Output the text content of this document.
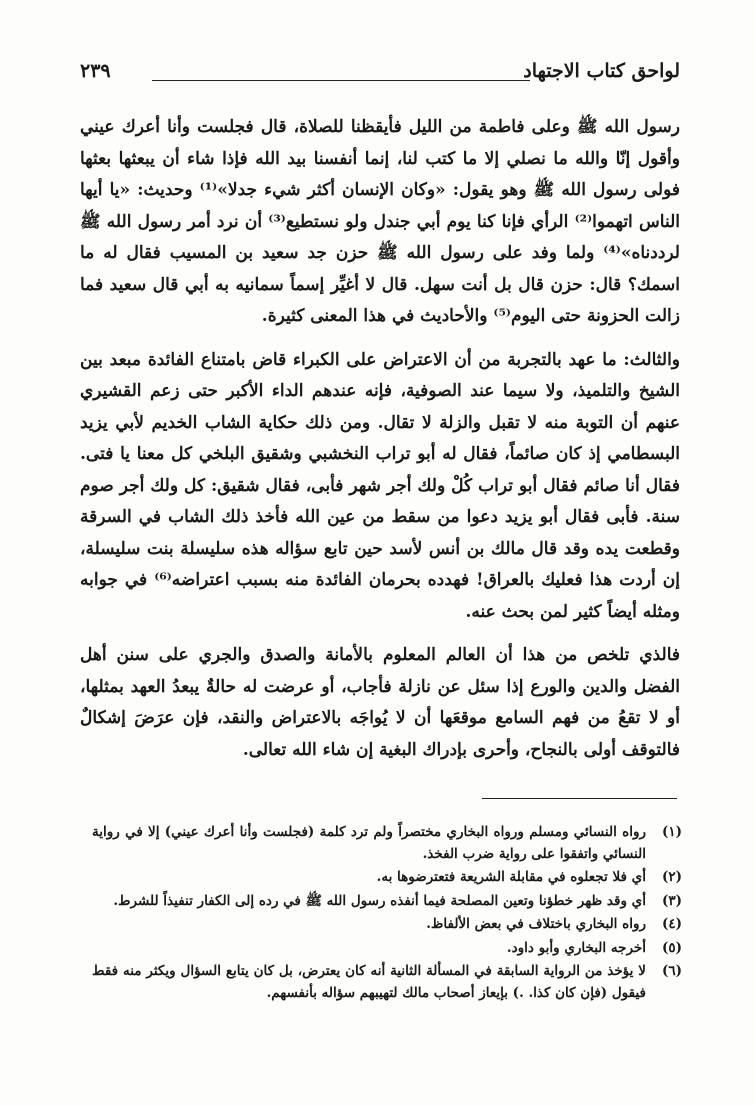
لواحق كتاب الاجتهاد
٢٣٩

رسول الله ﷺ وعلى فاطمة من الليل فأيقظنا للصلاة، قال فجلست وأنا أعرك عيني وأقول إنّا والله ما نصلي إلا ما كتب لنا، إنما أنفسنا بيد الله فإذا شاء أن يبعثها بعثها فولى رسول الله ﷺ وهو يقول: «وكان الإنسان أكثر شيء جدلا»⁽¹⁾ وحديث: «يا أيها الناس اتهموا⁽²⁾ الرأي فإنا كنا يوم أبي جندل ولو نستطيع⁽³⁾ أن نرد أمر رسول الله ﷺ لرددناه»⁽⁴⁾ ولما وفد على رسول الله ﷺ حزن جد سعيد بن المسيب فقال له ما اسمك؟ قال: حزن قال بل أنت سهل. قال لا أغيِّر إسماً سمانيه به أبي قال سعيد فما زالت الحزونة حتى اليوم⁽⁵⁾ والأحاديث في هذا المعنى كثيرة.

والثالث: ما عهد بالتجربة من أن الاعتراض على الكبراء قاض بامتناع الفائدة مبعد بين الشيخ والتلميذ، ولا سيما عند الصوفية، فإنه عندهم الداء الأكبر حتى زعم القشيري عنهم أن التوبة منه لا تقبل والزلة لا تقال. ومن ذلك حكاية الشاب الخديم لأبي يزيد البسطامي إذ كان صائماً، فقال له أبو تراب النخشبي وشقيق البلخي كل معنا يا فتى. فقال أنا صائم فقال أبو تراب كُلْ ولك أجر شهر فأبى، فقال شقيق: كل ولك أجر صوم سنة. فأبى فقال أبو يزيد دعوا من سقط من عين الله فأخذ ذلك الشاب في السرقة وقطعت يده وقد قال مالك بن أنس لأسد حين تابع سؤاله هذه سليسلة بنت سليسلة، إن أردت هذا فعليك بالعراق! فهدده بحرمان الفائدة منه بسبب اعتراضه⁽⁶⁾ في جوابه ومثله أيضاً كثير لمن بحث عنه.

فالذي تلخص من هذا أن العالم المعلوم بالأمانة والصدق والجري على سنن أهل الفضل والدين والورع إذا سئل عن نازلة فأجاب، أو عرضت له حالةٌ يبعدُ العهد بمثلها، أو لا تقعُ من فهم السامع موقعَها أن لا يُواجَه بالاعتراض والنقد، فإن عرَضَ إشكالٌ فالتوقف أولى بالنجاح، وأحرى بإدراك البغية إن شاء الله تعالى.

(١)
رواه النسائي ومسلم ورواه البخاري مختصراً ولم ترد كلمة (فجلست وأنا أعرك عيني) إلا في رواية النسائي واتفقوا على رواية ضرب الفخذ.
(٢)
أي فلا تجعلوه في مقابلة الشريعة فتعترضوها به.
(٣)
أي وقد ظهر خطؤنا وتعين المصلحة فيما أنفذه رسول الله ﷺ في رده إلى الكفار تنفيذاً للشرط.
(٤)
رواه البخاري باختلاف في بعض الألفاظ.
(٥)
أخرجه البخاري وأبو داود.
(٦)
لا يؤخذ من الرواية السابقة في المسألة الثانية أنه كان يعترض، بل كان يتابع السؤال ويكثر منه فقط فيقول (فإن كان كذا. .) بإيعاز أصحاب مالك لتهيبهم سؤاله بأنفسهم.
